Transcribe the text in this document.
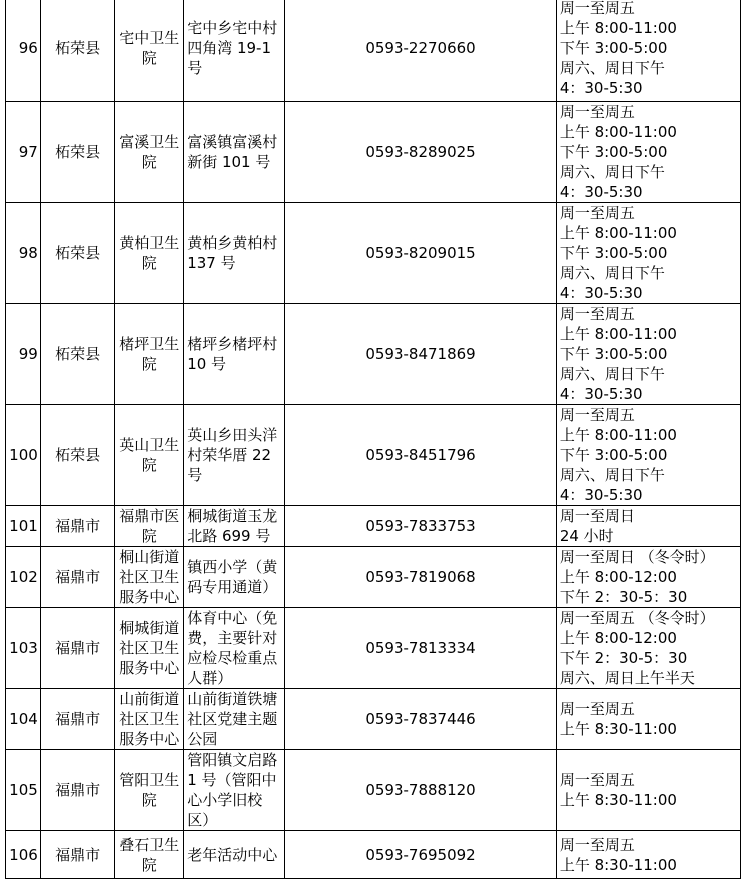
96	柘荣县	宅中卫生院	宅中乡宅中村四角湾 19-1号	0593-2270660	周一至周五
上午 8:00-11:00
下午 3:00-5:00
周六、周日下午
4：30-5:30

97	柘荣县	富溪卫生院	富溪镇富溪村新街 101 号	0593-8289025	周一至周五
上午 8:00-11:00
下午 3:00-5:00
周六、周日下午
4：30-5:30

98	柘荣县	黄柏卫生院	黄柏乡黄柏村 137 号	0593-8209015	周一至周五
上午 8:00-11:00
下午 3:00-5:00
周六、周日下午
4：30-5:30

99	柘荣县	楮坪卫生院	楮坪乡楮坪村 10 号	0593-8471869	周一至周五
上午 8:00-11:00
下午 3:00-5:00
周六、周日下午
4：30-5:30

100	柘荣县	英山卫生院	英山乡田头洋村荣华厝 22 号	0593-8451796	周一至周五
上午 8:00-11:00
下午 3:00-5:00
周六、周日下午
4：30-5:30

101	福鼎市	福鼎市医院	桐城街道玉龙北路 699 号	0593-7833753	周一至周日
24 小时

102	福鼎市	桐山街道社区卫生服务中心	镇西小学（黄码专用通道）	0593-7819068	周一至周日 （冬令时）
上午 8:00-12:00
下午 2：30-5：30

103	福鼎市	桐城街道社区卫生服务中心	体育中心（免费，主要针对应检尽检重点人群）	0593-7813334	周一至周五 （冬令时）
上午 8:00-12:00
下午 2：30-5：30
周六、周日上午半天

104	福鼎市	山前街道社区卫生服务中心	山前街道铁塘社区党建主题公园	0593-7837446	周一至周五
上午 8:30-11:00

105	福鼎市	管阳卫生院	管阳镇文启路 1 号（管阳中心小学旧校区）	0593-7888120	周一至周五
上午 8:30-11:00

106	福鼎市	叠石卫生院	老年活动中心	0593-7695092	周一至周五
上午 8:30-11:00
